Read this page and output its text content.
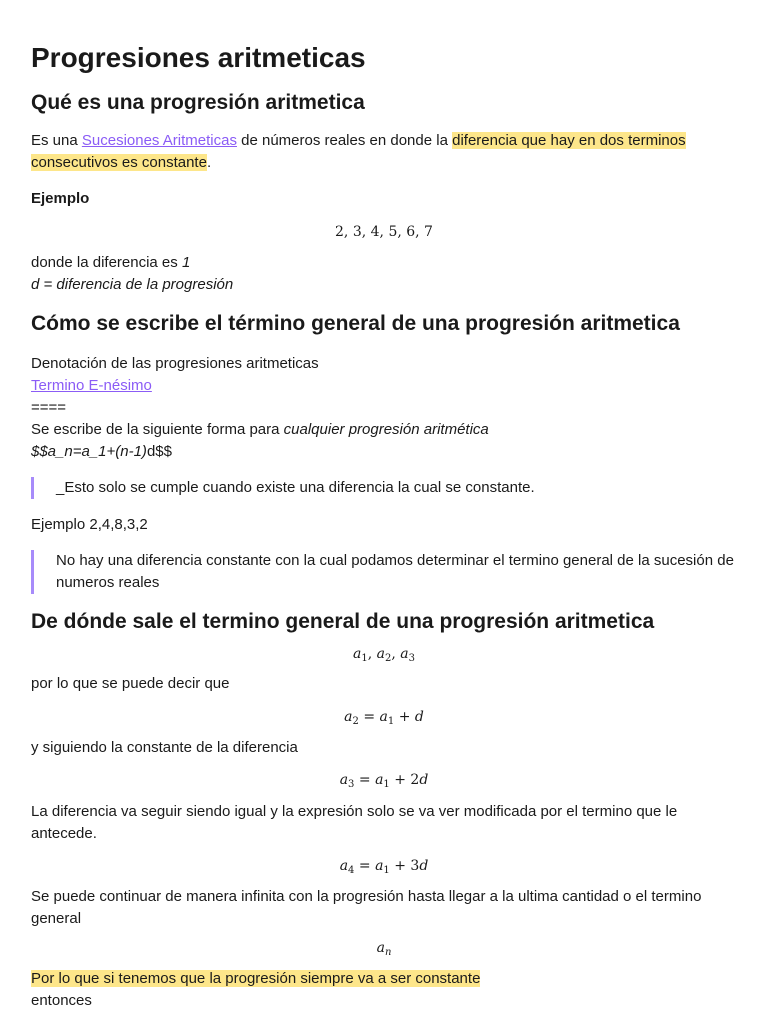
Progresiones aritmeticas
Qué es una progresión aritmetica

Es una Sucesiones Aritmeticas de números reales en donde la diferencia que hay en dos terminos consecutivos es constante.

Ejemplo

2, 3, 4, 5, 6, 7

donde la diferencia es 1

d = diferencia de la progresión

Cómo se escribe el término general de una progresión aritmetica

Denotación de las progresiones aritmeticas

Termino E-nésimo

====

Se escribe de la siguiente forma para cualquier progresión aritmética

$$a_n=a_1+(n-1)d$$

_Esto solo se cumple cuando existe una diferencia la cual se constante.

Ejemplo 2,4,8,3,2

No hay una diferencia constante con la cual podamos determinar el termino general de la sucesión de numeros reales
De dónde sale el termino general de una progresión aritmetica
$a_1$, $a_2$, $a_3$

por lo que se puede decir que

$a_2 = a_1 + d$

y siguiendo la constante de la diferencia

$a_3 = a_1 + 2d$

La diferencia va seguir siendo igual y la expresión solo se va ver modificada por el termino que le antecede.

$a_4 = a_1 + 3d$

Se puede continuar de manera infinita con la progresión hasta llegar a la ultima cantidad o el termino general

$a_n$

Por lo que si tenemos que la progresión siempre va a ser constante

entonces
